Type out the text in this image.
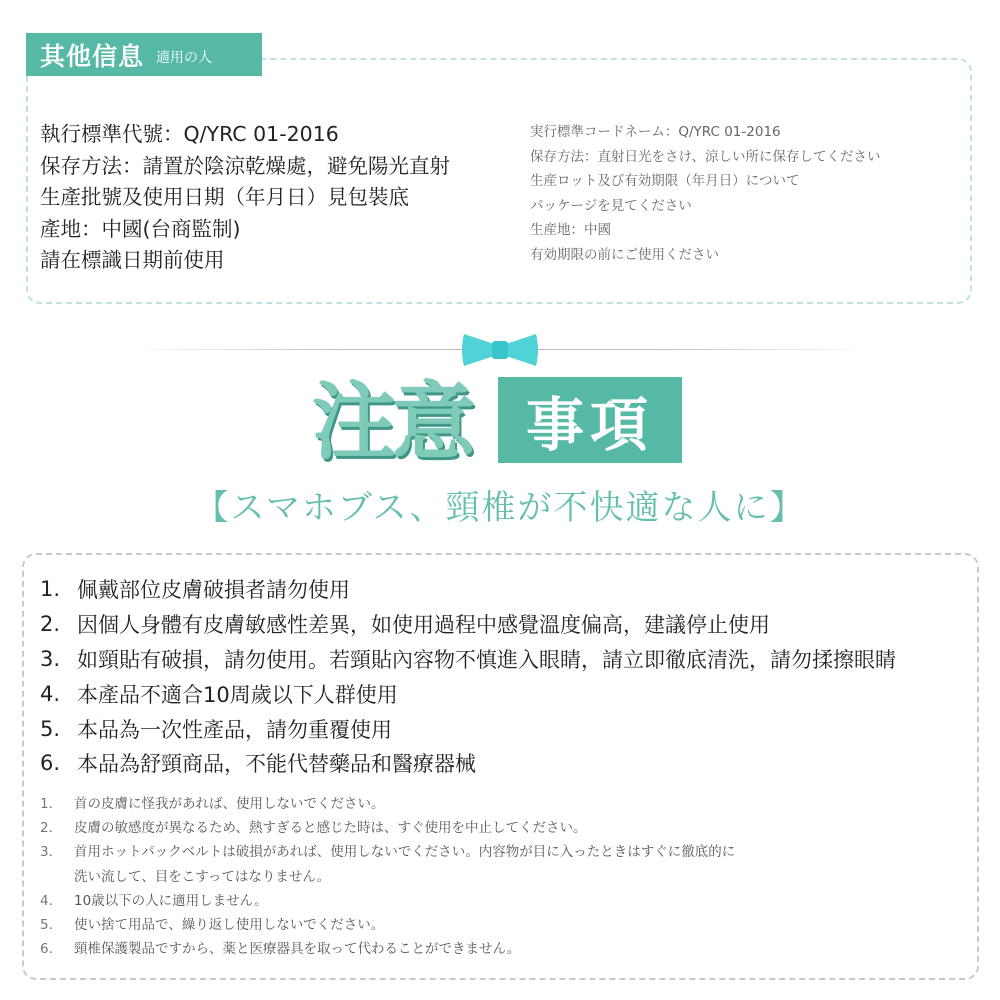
其他信息 適用の人
執行標準代號：Q/YRC 01-2016
保存方法：請置於陰涼乾燥處，避免陽光直射
生產批號及使用日期（年月日）見包裝底
產地：中國(台商監制)
請在標識日期前使用
実行標準コードネーム：Q/YRC 01-2016
保存方法：直射日光をさけ、涼しい所に保存してください
生産ロット及び有効期限（年月日）について
パッケージを見てください
生産地：中國
有効期限の前にご使用ください
注意 事項
【スマホブス、頸椎が不快適な人に】
1. 佩戴部位皮膚破損者請勿使用
2. 因個人身體有皮膚敏感性差異，如使用過程中感覺溫度偏高，建議停止使用
3. 如頸貼有破損，請勿使用。若頸貼內容物不慎進入眼睛，請立即徹底清洗，請勿揉擦眼睛
4. 本產品不適合10周歲以下人群使用
5. 本品為一次性產品，請勿重覆使用
6. 本品為舒頸商品，不能代替藥品和醫療器械
1.	首の皮膚に怪我があれば、使用しないでください。
2.	皮膚の敏感度が異なるため、熱すぎると感じた時は、すぐ使用を中止してください。
3.	首用ホットパックベルトは破損があれば、使用しないでください。内容物が目に入ったときはすぐに徹底的に
洗い流して、目をこすってはなりません。
4.	10歳以下の人に適用しません。
5.	使い捨て用品で、繰り返し使用しないでください。
6.	頸椎保護製品ですから、薬と医療器具を取って代わることができません。
